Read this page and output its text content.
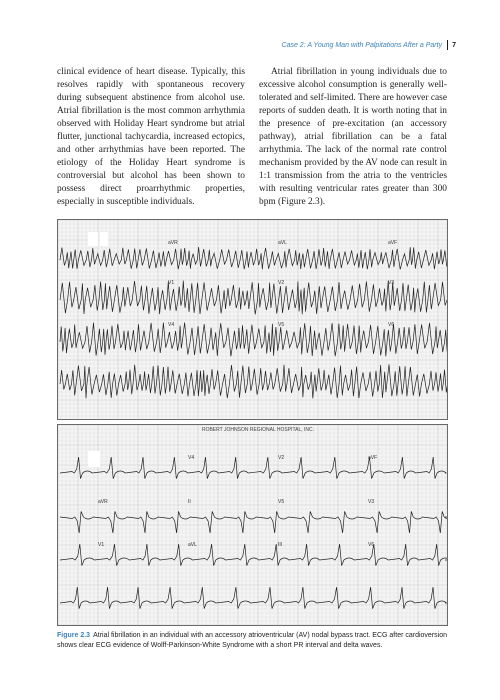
Case 2: A Young Man with Palpitations After a Party 7

clinical evidence of heart disease. Typically, this resolves rapidly with spontaneous recovery during subsequent abstinence from alcohol use. Atrial fibrillation is the most common arrhythmia observed with Holiday Heart syndrome but atrial flutter, junctional tachycardia, increased ectopics, and other arrhythmias have been reported. The etiology of the Holiday Heart syndrome is controversial but alcohol has been shown to possess direct proarrhythmic properties, especially in susceptible individuals.

Atrial fibrillation in young individuals due to excessive alcohol consumption is generally well-tolerated and self-limited. There are however case reports of sudden death. It is worth noting that in the presence of pre-excitation (an accessory pathway), atrial fibrillation can be a fatal arrhythmia. The lack of the normal rate control mechanism provided by the AV node can result in 1:1 transmission from the atria to the ventricles with resulting ventricular rates greater than 300 bpm (Figure 2.3).

aVR	aVL	aVF
V1	V2	V3
V4	V5	V6
aVR
V1
V4
II
aVL
V2
V5
III
aVF
V3
V6
ROBERT JOHNSON REGIONAL HOSPITAL, INC.
Figure 2.3 Atrial fibrillation in an individual with an accessory atrioventricular (AV) nodal bypass tract. ECG after cardioversion shows clear ECG evidence of Wolff-Parkinson-White Syndrome with a short PR interval and delta waves.
